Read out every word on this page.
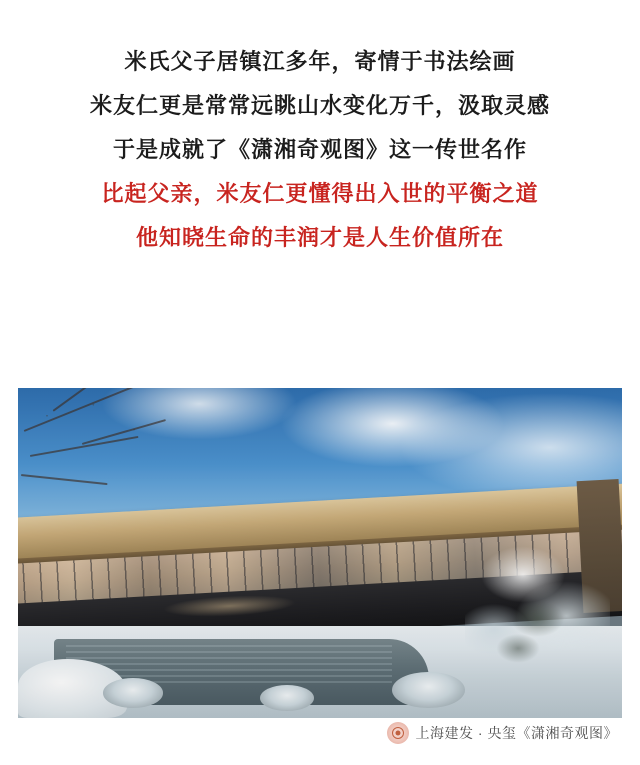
米氏父子居镇江多年，寄情于书法绘画
米友仁更是常常远眺山水变化万千，汲取灵感
于是成就了《潇湘奇观图》这一传世名作
比起父亲，米友仁更懂得出入世的平衡之道
他知晓生命的丰润才是人生价值所在
上海建发 · 央玺《潇湘奇观图》
